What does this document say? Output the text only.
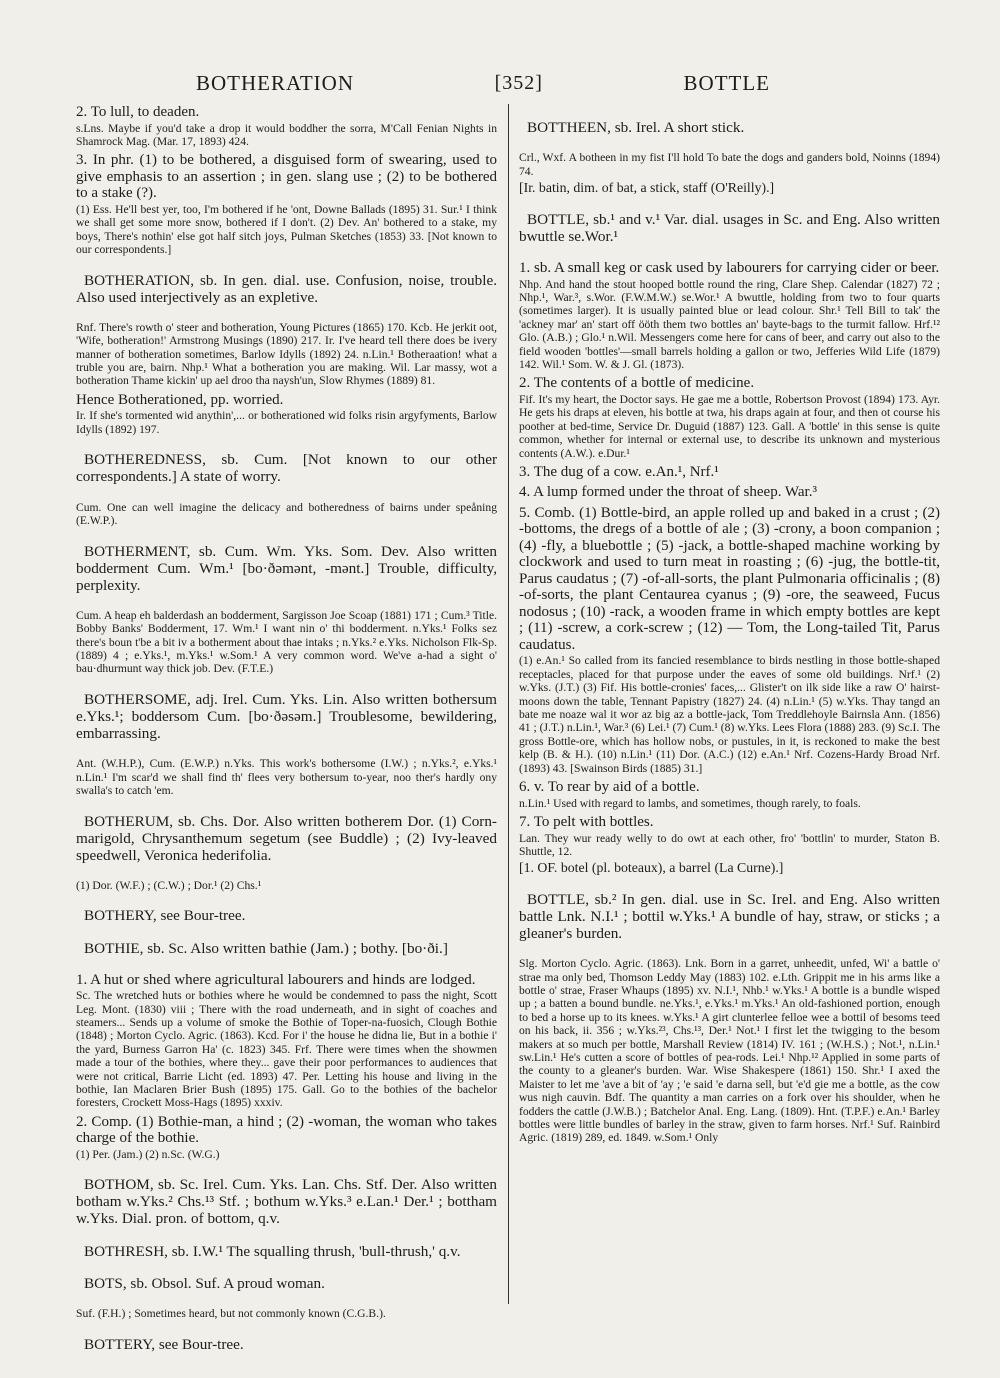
BOTHERATION	[352]	BOTTLE

2. To lull, to deaden.

s.Lns. Maybe if you'd take a drop it would boddher the sorra, M'Call Fenian Nights in Shamrock Mag. (Mar. 17, 1893) 424.

3. In phr. (1) to be bothered, a disguised form of swearing, used to give emphasis to an assertion ; in gen. slang use ; (2) to be bothered to a stake (?).

(1) Ess. He'll best yer, too, I'm bothered if he 'ont, Downe Ballads (1895) 31. Sur.¹ I think we shall get some more snow, bothered if I don't. (2) Dev. An' bothered to a stake, my boys, There's nothin' else got half sitch joys, Pulman Sketches (1853) 33. [Not known to our correspondents.]

BOTHERATION, sb. In gen. dial. use. Confusion, noise, trouble. Also used interjectively as an expletive.

Rnf. There's rowth o' steer and botheration, Young Pictures (1865) 170. Kcb. He jerkit oot, 'Wife, botheration!' Armstrong Musings (1890) 217. Ir. I've heard tell there does be ivery manner of botheration sometimes, Barlow Idylls (1892) 24. n.Lin.¹ Botheraation! what a truble you are, bairn. Nhp.¹ What a botheration you are making. Wil. Lar massy, wot a botheration Thame kickin' up ael droo tha naysh'un, Slow Rhymes (1889) 81.

Hence Botherationed, pp. worried.

Ir. If she's tormented wid anythin',... or botherationed wid folks risin argyfyments, Barlow Idylls (1892) 197.

BOTHEREDNESS, sb. Cum. [Not known to our other correspondents.] A state of worry.

Cum. One can well imagine the delicacy and botheredness of bairns under speåning (E.W.P.).

BOTHERMENT, sb. Cum. Wm. Yks. Som. Dev. Also written bodderment Cum. Wm.¹ [bo·ðəmənt, -mənt.] Trouble, difficulty, perplexity.

Cum. A heap eh balderdash an bodderment, Sargisson Joe Scoap (1881) 171 ; Cum.³ Title. Bobby Banks' Bodderment, 17. Wm.¹ I want nin o' thi bodderment. n.Yks.¹ Folks sez there's boun t'be a bit iv a botherment about thae intaks ; n.Yks.² e.Yks. Nicholson Flk-Sp. (1889) 4 ; e.Yks.¹, m.Yks.¹ w.Som.¹ A very common word. We've a-had a sight o' bau·dhurmunt way thick job. Dev. (F.T.E.)

BOTHERSOME, adj. Irel. Cum. Yks. Lin. Also written bothersum e.Yks.¹; boddersom Cum. [bo·ðəsəm.] Troublesome, bewildering, embarrassing.

Ant. (W.H.P.), Cum. (E.W.P.) n.Yks. This work's bothersome (I.W.) ; n.Yks.², e.Yks.¹ n.Lin.¹ I'm scar'd we shall find th' flees very bothersum to-year, noo ther's hardly ony swalla's to catch 'em.

BOTHERUM, sb. Chs. Dor. Also written botherem Dor. (1) Corn-marigold, Chrysanthemum segetum (see Buddle) ; (2) Ivy-leaved speedwell, Veronica hederifolia.

(1) Dor. (W.F.) ; (C.W.) ; Dor.¹ (2) Chs.¹

BOTHERY, see Bour-tree.

BOTHIE, sb. Sc. Also written bathie (Jam.) ; bothy. [bo·ði.]

1. A hut or shed where agricultural labourers and hinds are lodged.

Sc. The wretched huts or bothies where he would be condemned to pass the night, Scott Leg. Mont. (1830) viii ; There with the road underneath, and in sight of coaches and steamers... Sends up a volume of smoke the Bothie of Toper-na-fuosich, Clough Bothie (1848) ; Morton Cyclo. Agric. (1863). Kcd. For i' the house he didna lie, But in a bothie i' the yard, Burness Garron Ha' (c. 1823) 345. Frf. There were times when the showmen made a tour of the bothies, where they... gave their poor performances to audiences that were not critical, Barrie Licht (ed. 1893) 47. Per. Letting his house and living in the bothie, Ian Maclaren Brier Bush (1895) 175. Gall. Go to the bothies of the bachelor foresters, Crockett Moss-Hags (1895) xxxiv.

2. Comp. (1) Bothie-man, a hind ; (2) -woman, the woman who takes charge of the bothie.

(1) Per. (Jam.) (2) n.Sc. (W.G.)

BOTHOM, sb. Sc. Irel. Cum. Yks. Lan. Chs. Stf. Der. Also written botham w.Yks.² Chs.¹³ Stf. ; bothum w.Yks.³ e.Lan.¹ Der.¹ ; bottham w.Yks. Dial. pron. of bottom, q.v.

BOTHRESH, sb. I.W.¹ The squalling thrush, 'bull-thrush,' q.v.

BOTS, sb. Obsol. Suf. A proud woman.

Suf. (F.H.) ; Sometimes heard, but not commonly known (C.G.B.).

BOTTERY, see Bour-tree.

BOTTHEEN, sb. Irel. A short stick.

Crl., Wxf. A botheen in my fist I'll hold To bate the dogs and ganders bold, Noinns (1894) 74.

[Ir. batin, dim. of bat, a stick, staff (O'Reilly).]

BOTTLE, sb.¹ and v.¹ Var. dial. usages in Sc. and Eng. Also written bwuttle se.Wor.¹

1. sb. A small keg or cask used by labourers for carrying cider or beer.

Nhp. And hand the stout hooped bottle round the ring, Clare Shep. Calendar (1827) 72 ; Nhp.¹, War.³, s.Wor. (F.W.M.W.) se.Wor.¹ A bwuttle, holding from two to four quarts (sometimes larger). It is usually painted blue or lead colour. Shr.¹ Tell Bill to tak' the 'ackney mar' an' start off ööth them two bottles an' bayte-bags to the turmit fallow. Hrf.¹² Glo. (A.B.) ; Glo.¹ n.Wil. Messengers come here for cans of beer, and carry out also to the field wooden 'bottles'—small barrels holding a gallon or two, Jefferies Wild Life (1879) 142. Wil.¹ Som. W. & J. Gl. (1873).

2. The contents of a bottle of medicine.

Fif. It's my heart, the Doctor says. He gae me a bottle, Robertson Provost (1894) 173. Ayr. He gets his draps at eleven, his bottle at twa, his draps again at four, and then ot course his poother at bed-time, Service Dr. Duguid (1887) 123. Gall. A 'bottle' in this sense is quite common, whether for internal or external use, to describe its unknown and mysterious contents (A.W.). e.Dur.¹

3. The dug of a cow. e.An.¹, Nrf.¹

4. A lump formed under the throat of sheep. War.³

5. Comb. (1) Bottle-bird, an apple rolled up and baked in a crust ; (2) -bottoms, the dregs of a bottle of ale ; (3) -crony, a boon companion ; (4) -fly, a bluebottle ; (5) -jack, a bottle-shaped machine working by clockwork and used to turn meat in roasting ; (6) -jug, the bottle-tit, Parus caudatus ; (7) -of-all-sorts, the plant Pulmonaria officinalis ; (8) -of-sorts, the plant Centaurea cyanus ; (9) -ore, the seaweed, Fucus nodosus ; (10) -rack, a wooden frame in which empty bottles are kept ; (11) -screw, a cork-screw ; (12) — Tom, the Long-tailed Tit, Parus caudatus.

(1) e.An.¹ So called from its fancied resemblance to birds nestling in those bottle-shaped receptacles, placed for that purpose under the eaves of some old buildings. Nrf.¹ (2) w.Yks. (J.T.) (3) Fif. His bottle-cronies' faces,... Glister't on ilk side like a raw O' hairst-moons down the table, Tennant Papistry (1827) 24. (4) n.Lin.¹ (5) w.Yks. Thay tangd an bate me noaze wal it wor az big az a bottle-jack, Tom Treddlehoyle Bairnsla Ann. (1856) 41 ; (J.T.) n.Lin.¹, War.³ (6) Lei.¹ (7) Cum.¹ (8) w.Yks. Lees Flora (1888) 283. (9) Sc.I. The gross Bottle-ore, which has hollow nobs, or pustules, in it, is reckoned to make the best kelp (B. & H.). (10) n.Lin.¹ (11) Dor. (A.C.) (12) e.An.¹ Nrf. Cozens-Hardy Broad Nrf. (1893) 43. [Swainson Birds (1885) 31.]

6. v. To rear by aid of a bottle.

n.Lin.¹ Used with regard to lambs, and sometimes, though rarely, to foals.

7. To pelt with bottles.

Lan. They wur ready welly to do owt at each other, fro' 'bottlin' to murder, Staton B. Shuttle, 12.

[1. OF. botel (pl. boteaux), a barrel (La Curne).]

BOTTLE, sb.² In gen. dial. use in Sc. Irel. and Eng. Also written battle Lnk. N.I.¹ ; bottil w.Yks.¹ A bundle of hay, straw, or sticks ; a gleaner's burden.

Slg. Morton Cyclo. Agric. (1863). Lnk. Born in a garret, unheedit, unfed, Wi' a battle o' strae ma only bed, Thomson Leddy May (1883) 102. e.Lth. Grippit me in his arms like a bottle o' strae, Fraser Whaups (1895) xv. N.I.¹, Nhb.¹ w.Yks.¹ A bottle is a bundle wisped up ; a batten a bound bundle. ne.Yks.¹, e.Yks.¹ m.Yks.¹ An old-fashioned portion, enough to bed a horse up to its knees. w.Yks.¹ A girt clunterlee felloe wee a bottil of besoms teed on his back, ii. 356 ; w.Yks.²³, Chs.¹³, Der.¹ Not.¹ I first let the twigging to the besom makers at so much per bottle, Marshall Review (1814) IV. 161 ; (W.H.S.) ; Not.¹, n.Lin.¹ sw.Lin.¹ He's cutten a score of bottles of pea-rods. Lei.¹ Nhp.¹² Applied in some parts of the county to a gleaner's burden. War. Wise Shakespere (1861) 150. Shr.¹ I axed the Maister to let me 'ave a bit of 'ay ; 'e said 'e darna sell, but 'e'd gie me a bottle, as the cow wus nigh cauvin. Bdf. The quantity a man carries on a fork over his shoulder, when he fodders the cattle (J.W.B.) ; Batchelor Anal. Eng. Lang. (1809). Hnt. (T.P.F.) e.An.¹ Barley bottles were little bundles of barley in the straw, given to farm horses. Nrf.¹ Suf. Rainbird Agric. (1819) 289, ed. 1849. w.Som.¹ Only
